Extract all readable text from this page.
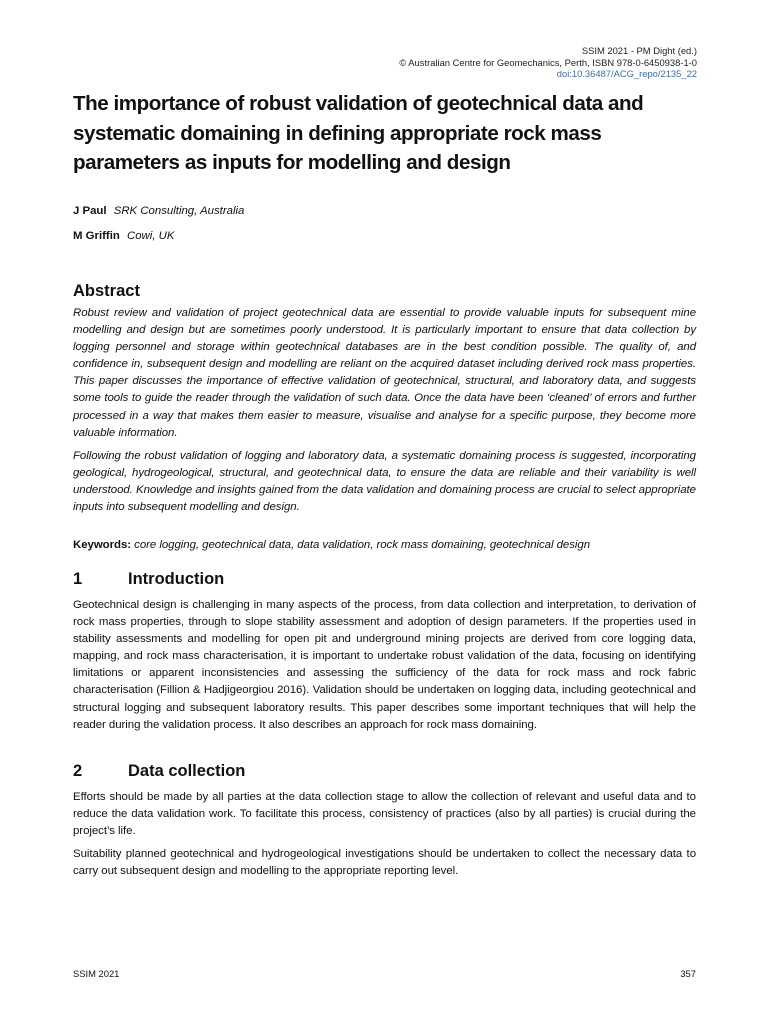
SSIM 2021 - PM Dight (ed.)
© Australian Centre for Geomechanics, Perth, ISBN 978-0-6450938-1-0
doi:10.36487/ACG_repo/2135_22
The importance of robust validation of geotechnical data and systematic domaining in defining appropriate rock mass parameters as inputs for modelling and design
J Paul SRK Consulting, Australia
M Griffin Cowi, UK
Abstract

Robust review and validation of project geotechnical data are essential to provide valuable inputs for subsequent mine modelling and design but are sometimes poorly understood. It is particularly important to ensure that data collection by logging personnel and storage within geotechnical databases are in the best condition possible. The quality of, and confidence in, subsequent design and modelling are reliant on the acquired dataset including derived rock mass properties. This paper discusses the importance of effective validation of geotechnical, structural, and laboratory data, and suggests some tools to guide the reader through the validation of such data. Once the data have been ‘cleaned’ of errors and further processed in a way that makes them easier to measure, visualise and analyse for a specific purpose, they become more valuable information.

Following the robust validation of logging and laboratory data, a systematic domaining process is suggested, incorporating geological, hydrogeological, structural, and geotechnical data, to ensure the data are reliable and their variability is well understood. Knowledge and insights gained from the data validation and domaining process are crucial to select appropriate inputs into subsequent modelling and design.

Keywords: core logging, geotechnical data, data validation, rock mass domaining, geotechnical design
1	Introduction

Geotechnical design is challenging in many aspects of the process, from data collection and interpretation, to derivation of rock mass properties, through to slope stability assessment and adoption of design parameters. If the properties used in stability assessments and modelling for open pit and underground mining projects are derived from core logging data, mapping, and rock mass characterisation, it is important to undertake robust validation of the data, focusing on identifying limitations or apparent inconsistencies and assessing the sufficiency of the data for rock mass and rock fabric characterisation (Fillion & Hadjigeorgiou 2016). Validation should be undertaken on logging data, including geotechnical and structural logging and subsequent laboratory results. This paper describes some important techniques that will help the reader during the validation process. It also describes an approach for rock mass domaining.

2	Data collection

Efforts should be made by all parties at the data collection stage to allow the collection of relevant and useful data and to reduce the data validation work. To facilitate this process, consistency of practices (also by all parties) is crucial during the project’s life.

Suitability planned geotechnical and hydrogeological investigations should be undertaken to collect the necessary data to carry out subsequent design and modelling to the appropriate reporting level.

SSIM 2021	357
